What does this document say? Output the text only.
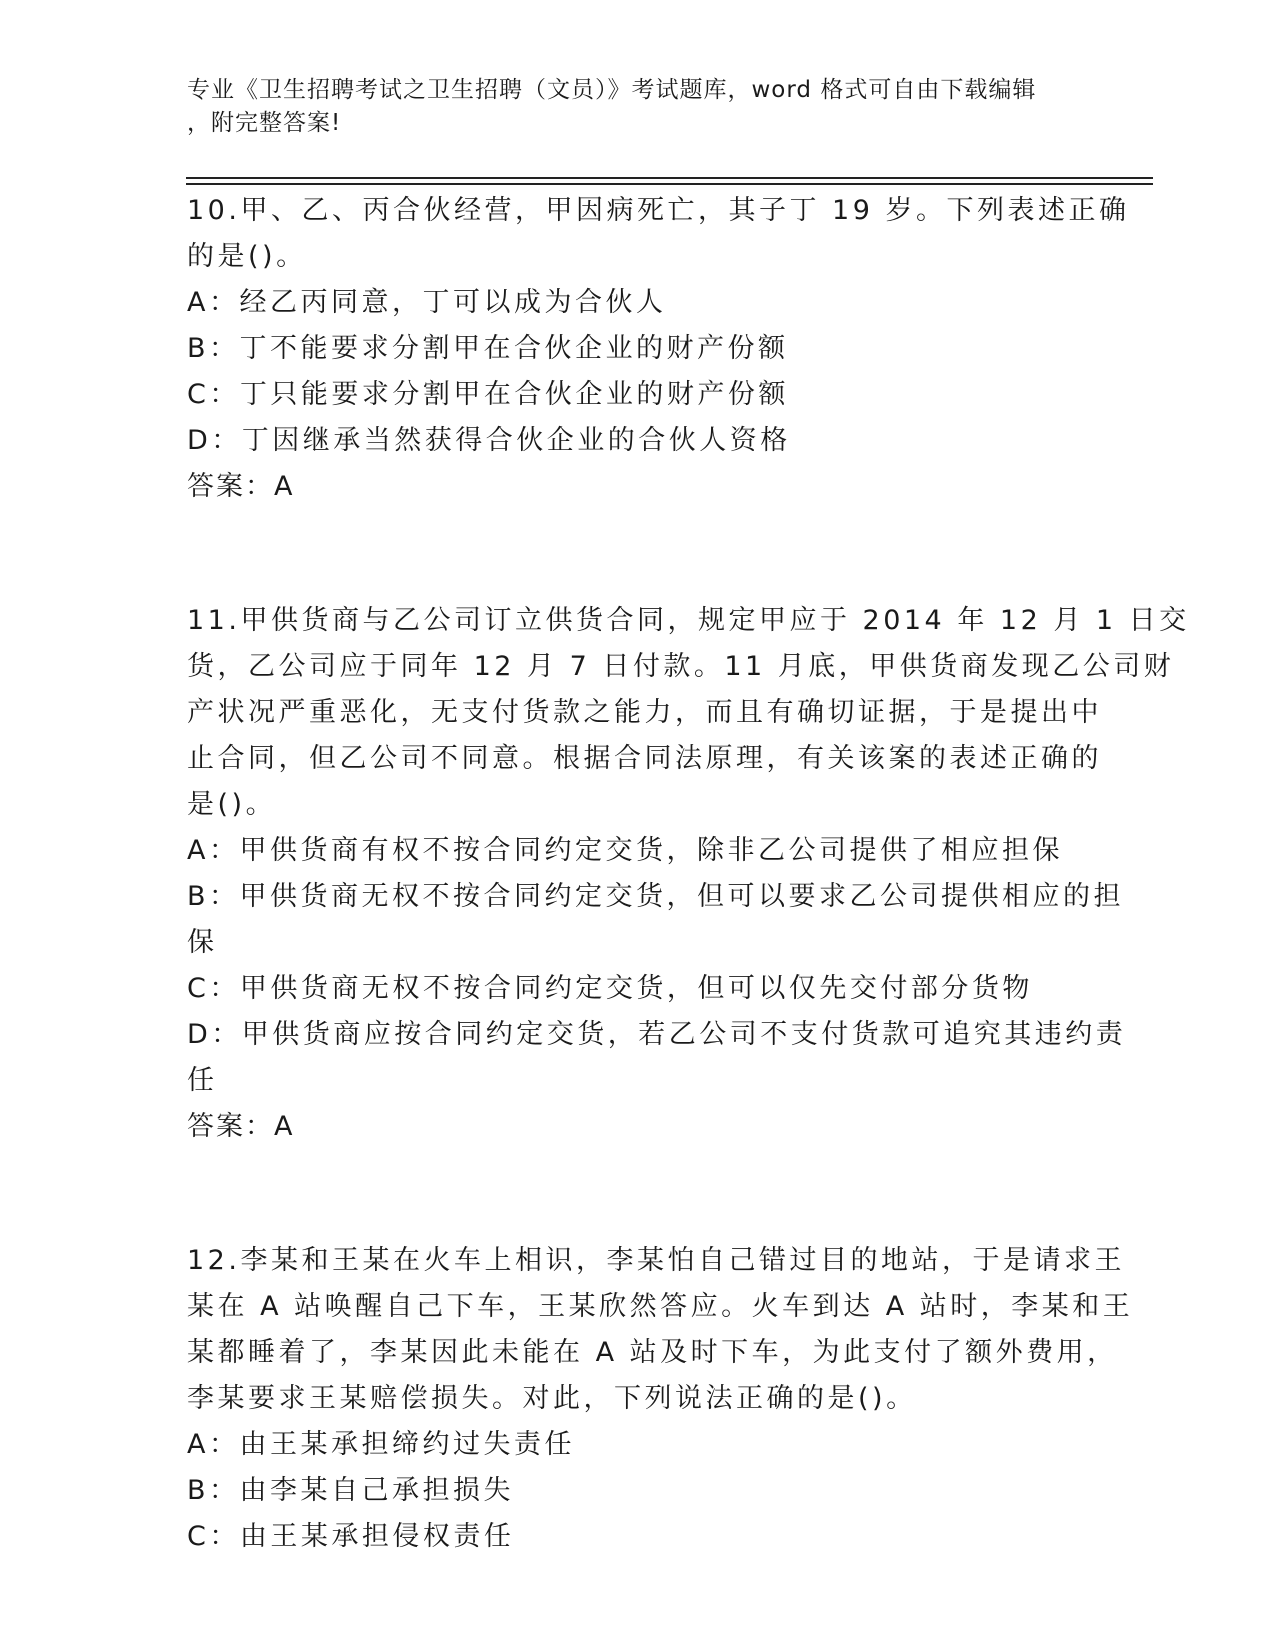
专业《卫生招聘考试之卫生招聘（文员）》考试题库，word 格式可自由下载编辑
，附完整答案!
10.甲、乙、丙合伙经营，甲因病死亡，其子丁 19 岁。下列表述正确
的是()。
A：经乙丙同意，丁可以成为合伙人
B：丁不能要求分割甲在合伙企业的财产份额
C：丁只能要求分割甲在合伙企业的财产份额
D：丁因继承当然获得合伙企业的合伙人资格
答案：A
11.甲供货商与乙公司订立供货合同，规定甲应于 2014 年 12 月 1 日交
货，乙公司应于同年 12 月 7 日付款。11 月底，甲供货商发现乙公司财
产状况严重恶化，无支付货款之能力，而且有确切证据，于是提出中
止合同，但乙公司不同意。根据合同法原理，有关该案的表述正确的
是()。
A：甲供货商有权不按合同约定交货，除非乙公司提供了相应担保
B：甲供货商无权不按合同约定交货，但可以要求乙公司提供相应的担
保
C：甲供货商无权不按合同约定交货，但可以仅先交付部分货物
D：甲供货商应按合同约定交货，若乙公司不支付货款可追究其违约责
任
答案：A
12.李某和王某在火车上相识，李某怕自己错过目的地站，于是请求王
某在 A 站唤醒自己下车，王某欣然答应。火车到达 A 站时，李某和王
某都睡着了，李某因此未能在 A 站及时下车，为此支付了额外费用，
李某要求王某赔偿损失。对此，下列说法正确的是()。
A：由王某承担缔约过失责任
B：由李某自己承担损失
C：由王某承担侵权责任
